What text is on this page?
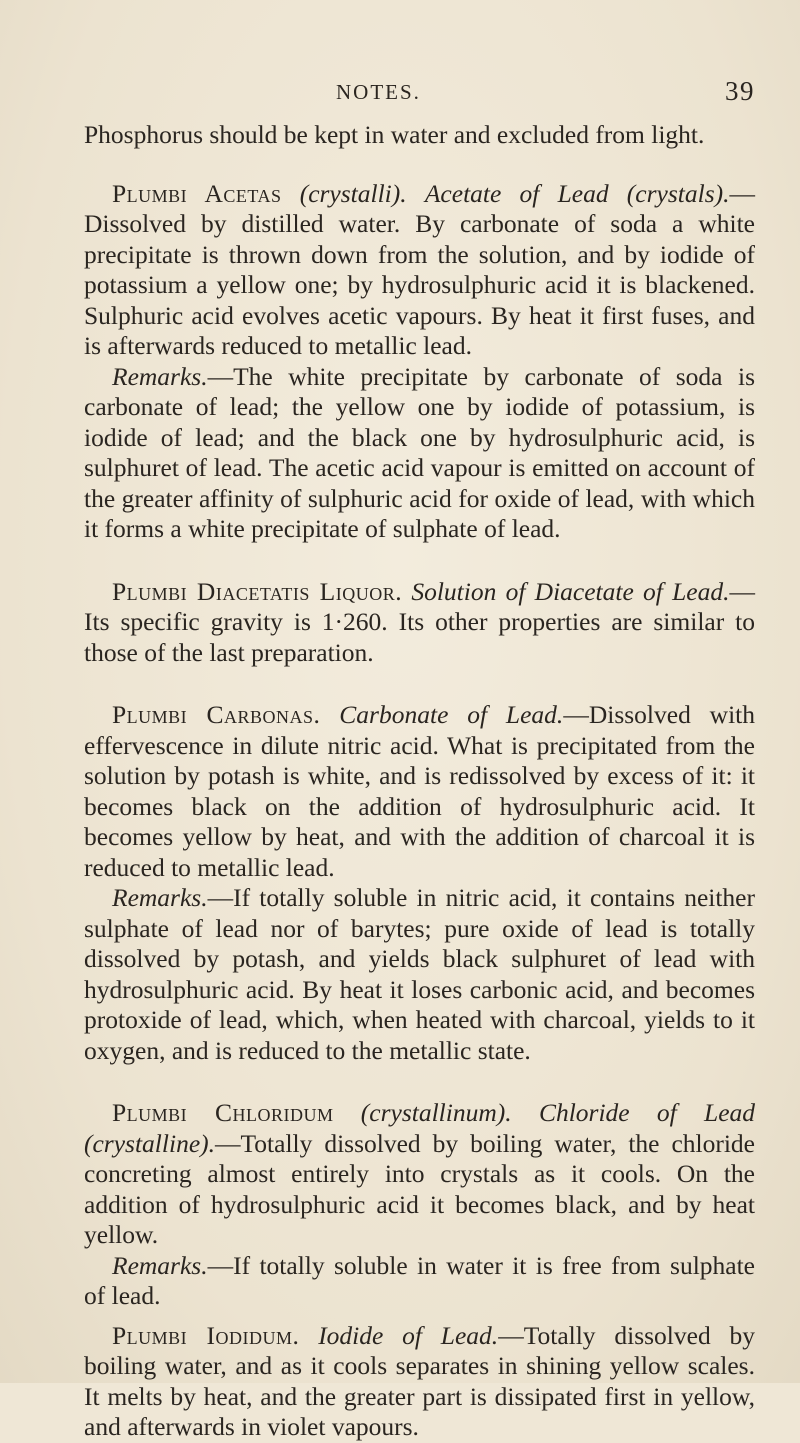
NOTES.	39

Phosphorus should be kept in water and excluded from light.

Plumbi Acetas (crystalli). Acetate of Lead (crystals).—Dissolved by distilled water. By carbonate of soda a white precipitate is thrown down from the solution, and by iodide of potassium a yellow one; by hydrosulphuric acid it is blackened. Sulphuric acid evolves acetic vapours. By heat it first fuses, and is afterwards reduced to metallic lead.

Remarks.—The white precipitate by carbonate of soda is carbonate of lead; the yellow one by iodide of potassium, is iodide of lead; and the black one by hydrosulphuric acid, is sulphuret of lead. The acetic acid vapour is emitted on account of the greater affinity of sulphuric acid for oxide of lead, with which it forms a white precipitate of sulphate of lead.

Plumbi Diacetatis Liquor. Solution of Diacetate of Lead.—Its specific gravity is 1·260. Its other properties are similar to those of the last preparation.

Plumbi Carbonas. Carbonate of Lead.—Dissolved with effervescence in dilute nitric acid. What is precipitated from the solution by potash is white, and is redissolved by excess of it: it becomes black on the addition of hydrosulphuric acid. It becomes yellow by heat, and with the addition of charcoal it is reduced to metallic lead.

Remarks.—If totally soluble in nitric acid, it contains neither sulphate of lead nor of barytes; pure oxide of lead is totally dissolved by potash, and yields black sulphuret of lead with hydrosulphuric acid. By heat it loses carbonic acid, and becomes protoxide of lead, which, when heated with charcoal, yields to it oxygen, and is reduced to the metallic state.

Plumbi Chloridum (crystallinum). Chloride of Lead (crystalline).—Totally dissolved by boiling water, the chloride concreting almost entirely into crystals as it cools. On the addition of hydrosulphuric acid it becomes black, and by heat yellow.

Remarks.—If totally soluble in water it is free from sulphate of lead.

Plumbi Iodidum. Iodide of Lead.—Totally dissolved by boiling water, and as it cools separates in shining yellow scales. It melts by heat, and the greater part is dissipated first in yellow, and afterwards in violet vapours.
